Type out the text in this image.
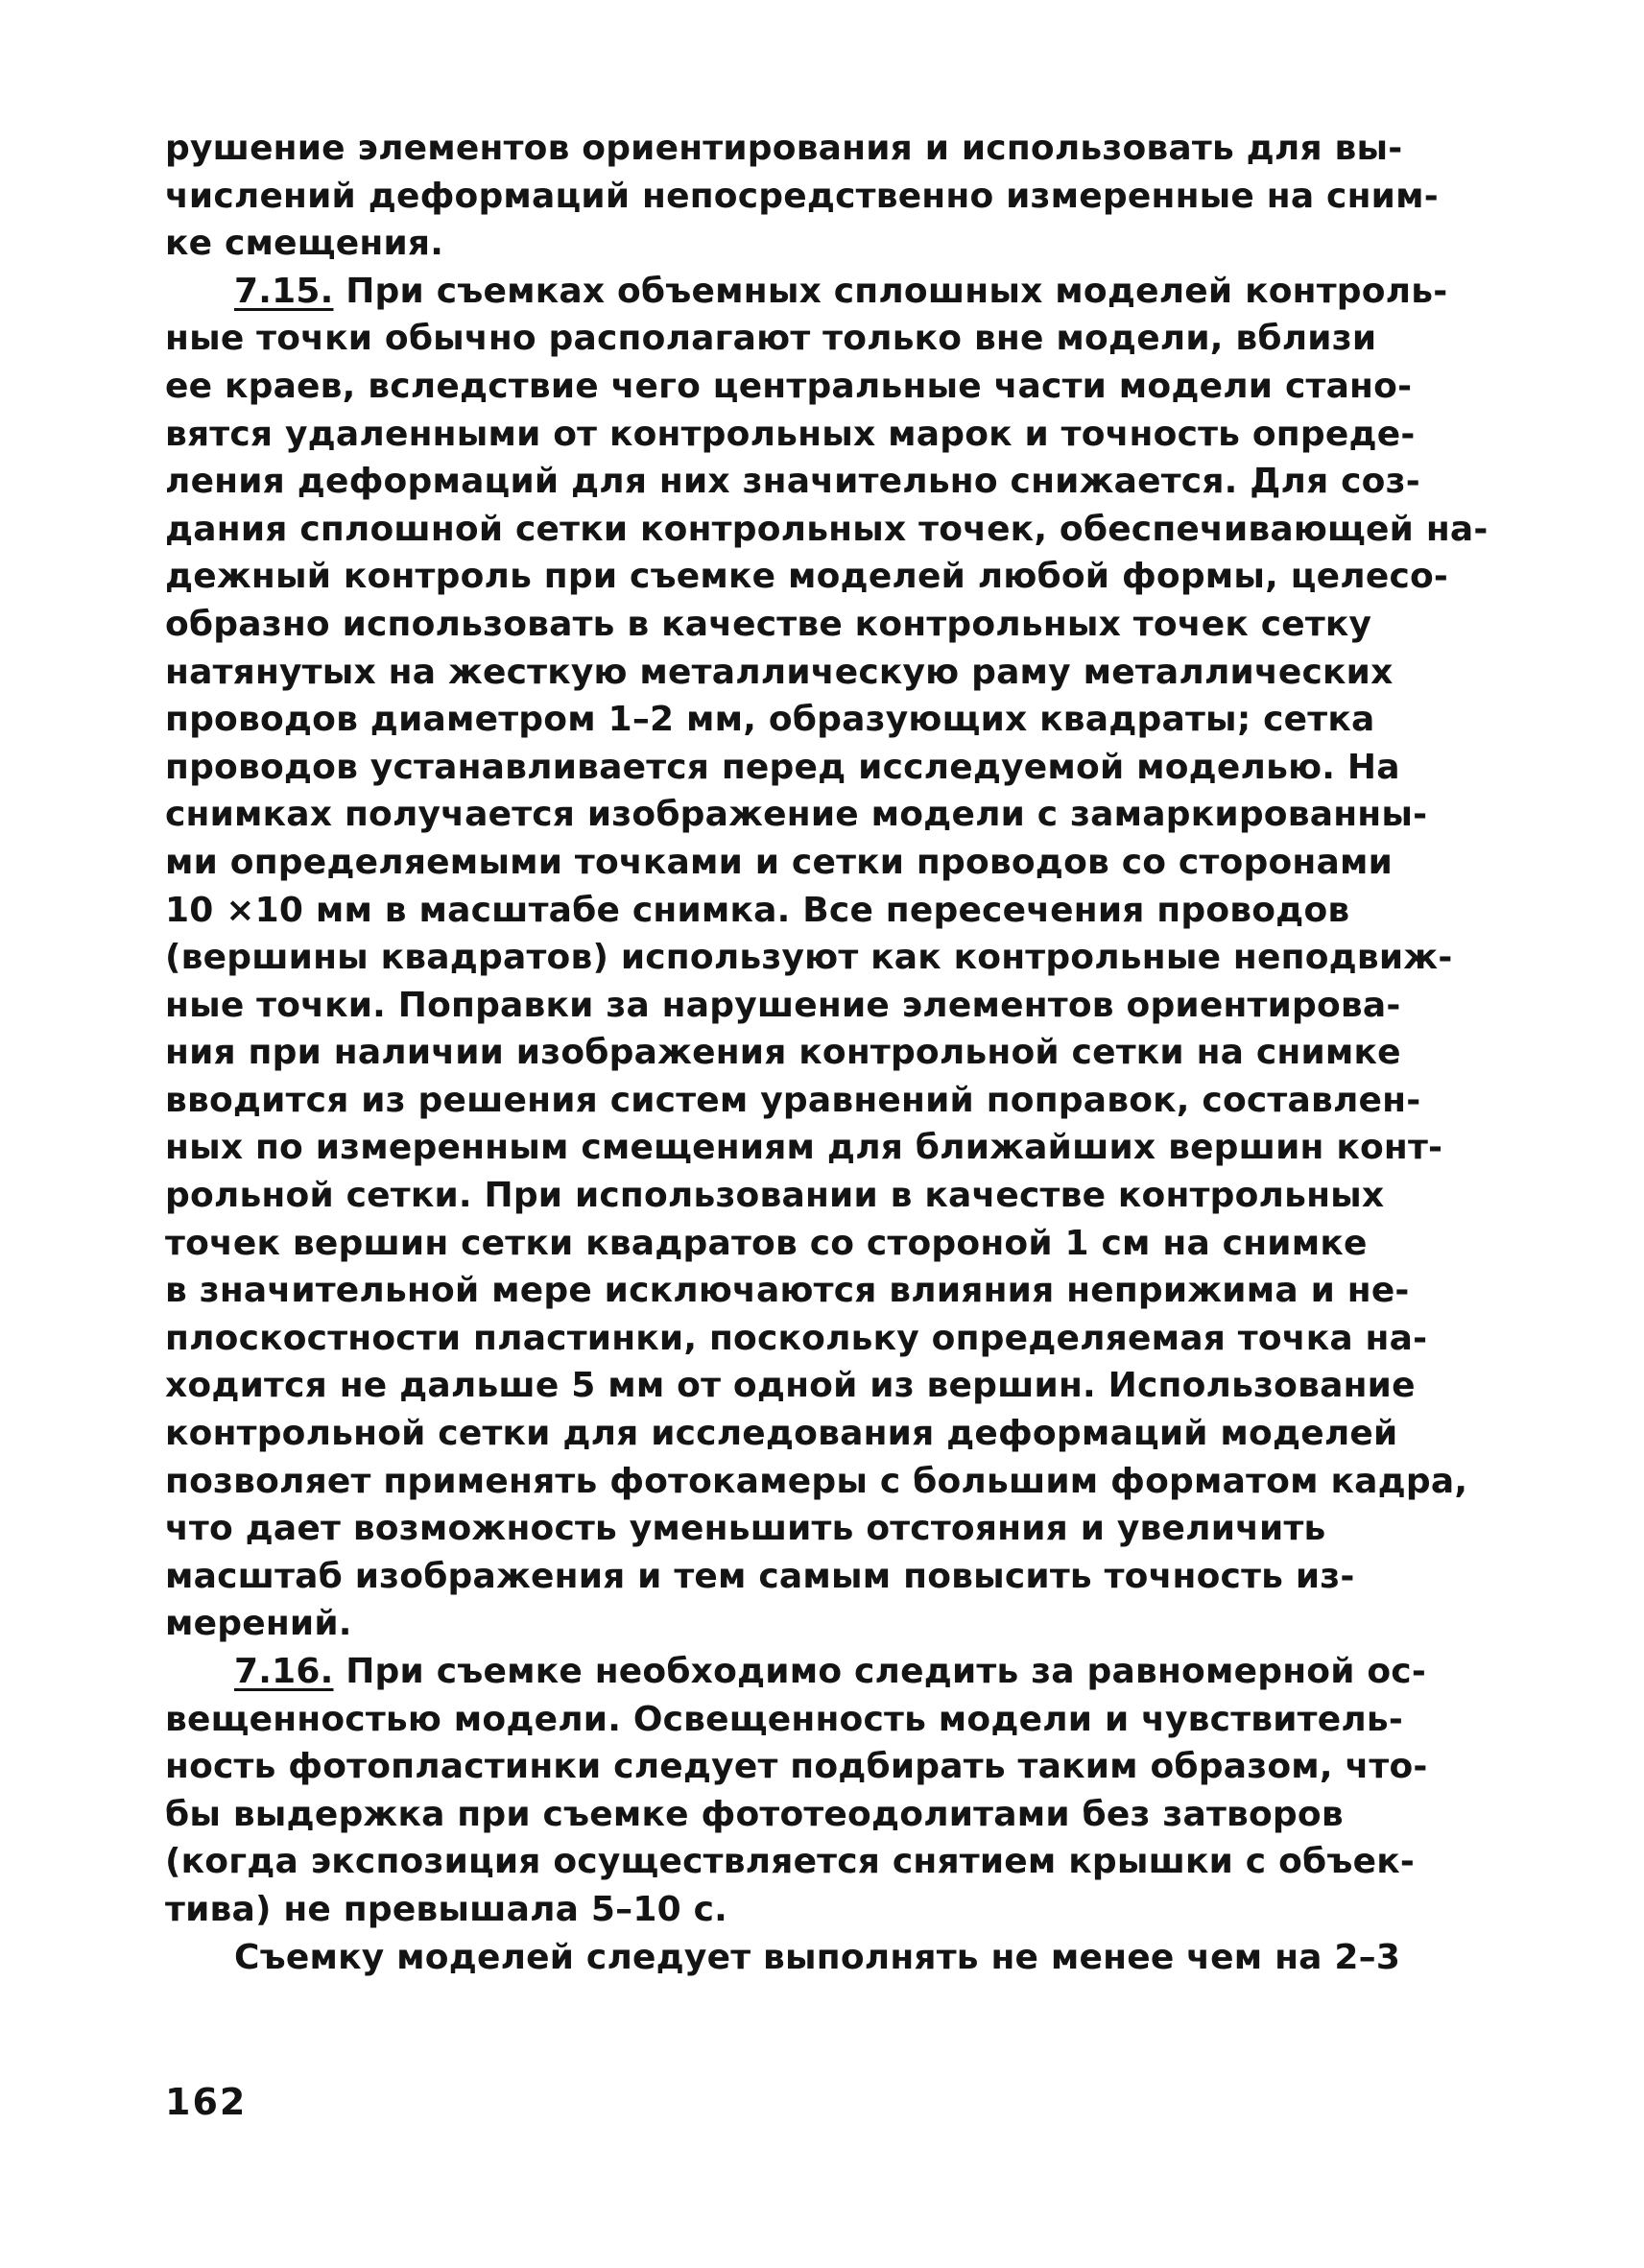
рушение элементов ориентирования и использовать для вы-
числений деформаций непосредственно измеренные на сним-
ке смещения.
7.15. При съемках объемных сплошных моделей контроль-
ные точки обычно располагают только вне модели, вблизи
ее краев, вследствие чего центральные части модели стано-
вятся удаленными от контрольных марок и точность опреде-
ления деформаций для них значительно снижается. Для соз-
дания сплошной сетки контрольных точек, обеспечивающей на-
дежный контроль при съемке моделей любой формы, целесо-
образно использовать в качестве контрольных точек сетку
натянутых на жесткую металлическую раму металлических
проводов диаметром 1–2 мм, образующих квадраты; сетка
проводов устанавливается перед исследуемой моделью. На
снимках получается изображение модели с замаркированны-
ми определяемыми точками и сетки проводов со сторонами
10 ×10 мм в масштабе снимка. Все пересечения проводов
(вершины квадратов) используют как контрольные неподвиж-
ные точки. Поправки за нарушение элементов ориентирова-
ния при наличии изображения контрольной сетки на снимке
вводится из решения систем уравнений поправок, составлен-
ных по измеренным смещениям для ближайших вершин конт-
рольной сетки. При использовании в качестве контрольных
точек вершин сетки квадратов со стороной 1 см на снимке
в значительной мере исключаются влияния неприжима и не-
плоскостности пластинки, поскольку определяемая точка на-
ходится не дальше 5 мм от одной из вершин. Использование
контрольной сетки для исследования деформаций моделей
позволяет применять фотокамеры с большим форматом кадра,
что дает возможность уменьшить отстояния и увеличить
масштаб изображения и тем самым повысить точность из-
мерений.
7.16. При съемке необходимо следить за равномерной ос-
вещенностью модели. Освещенность модели и чувствитель-
ность фотопластинки следует подбирать таким образом, что-
бы выдержка при съемке фототеодолитами без затворов
(когда экспозиция осуществляется снятием крышки с объек-
тива) не превышала 5–10 с.
Съемку моделей следует выполнять не менее чем на 2–3
162
